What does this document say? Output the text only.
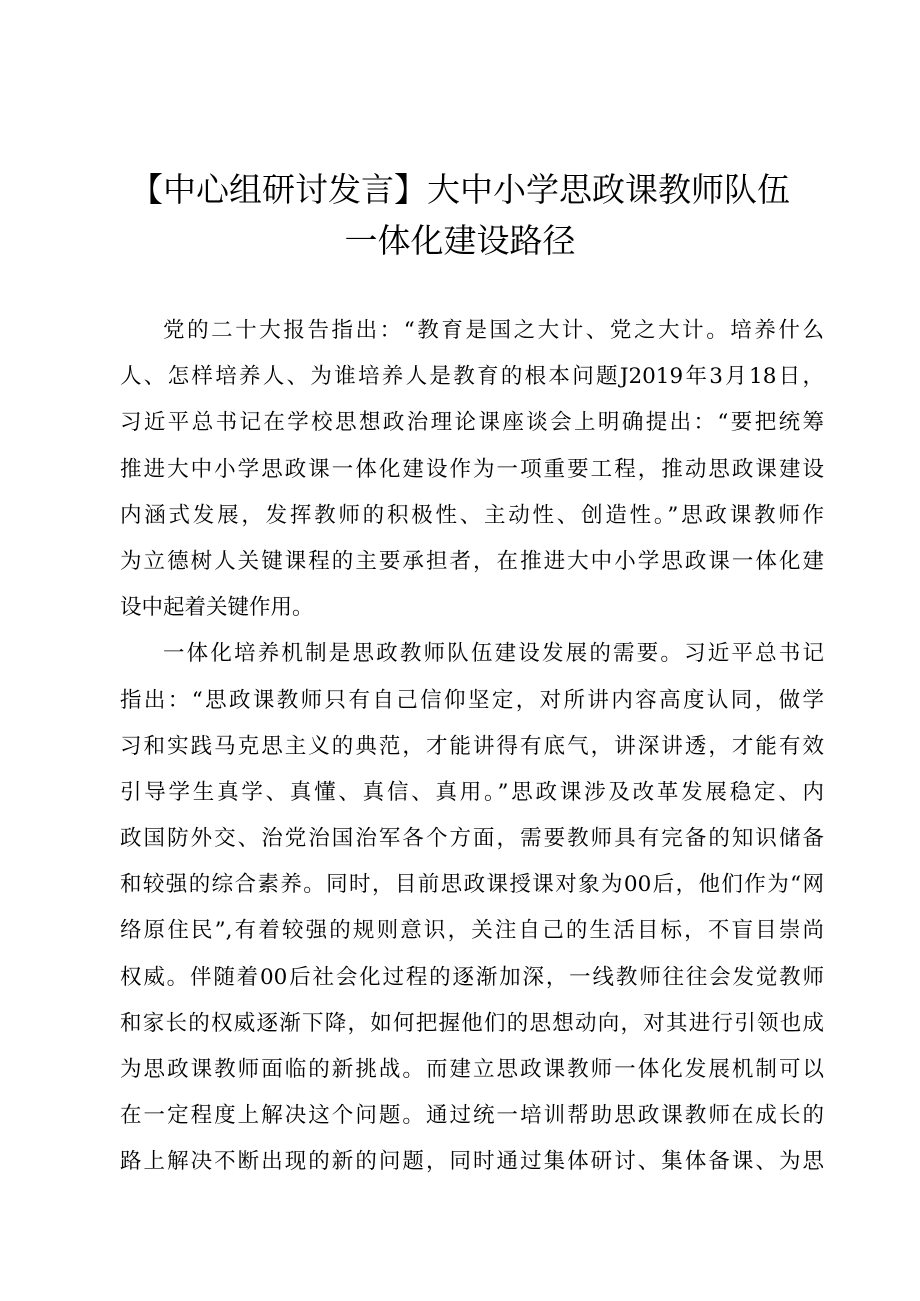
【中心组研讨发言】大中小学思政课教师队伍
一体化建设路径
党的二十大报告指出：“教育是国之大计、党之大计。培养什么
人、怎样培养人、为谁培养人是教育的根本问题J2019年3月18日，
习近平总书记在学校思想政治理论课座谈会上明确提出：“要把统筹
推进大中小学思政课一体化建设作为一项重要工程，推动思政课建设
内涵式发展，发挥教师的积极性、主动性、创造性。”思政课教师作
为立德树人关键课程的主要承担者，在推进大中小学思政课一体化建
设中起着关键作用。
一体化培养机制是思政教师队伍建设发展的需要。习近平总书记
指出：“思政课教师只有自己信仰坚定，对所讲内容高度认同，做学
习和实践马克思主义的典范，才能讲得有底气，讲深讲透，才能有效
引导学生真学、真懂、真信、真用。”思政课涉及改革发展稳定、内
政国防外交、治党治国治军各个方面，需要教师具有完备的知识储备
和较强的综合素养。同时，目前思政课授课对象为00后，他们作为“网
络原住民”,有着较强的规则意识，关注自己的生活目标，不盲目崇尚
权威。伴随着00后社会化过程的逐渐加深，一线教师往往会发觉教师
和家长的权威逐渐下降，如何把握他们的思想动向，对其进行引领也成
为思政课教师面临的新挑战。而建立思政课教师一体化发展机制可以
在一定程度上解决这个问题。通过统一培训帮助思政课教师在成长的
路上解决不断出现的新的问题，同时通过集体研讨、集体备课、为思
